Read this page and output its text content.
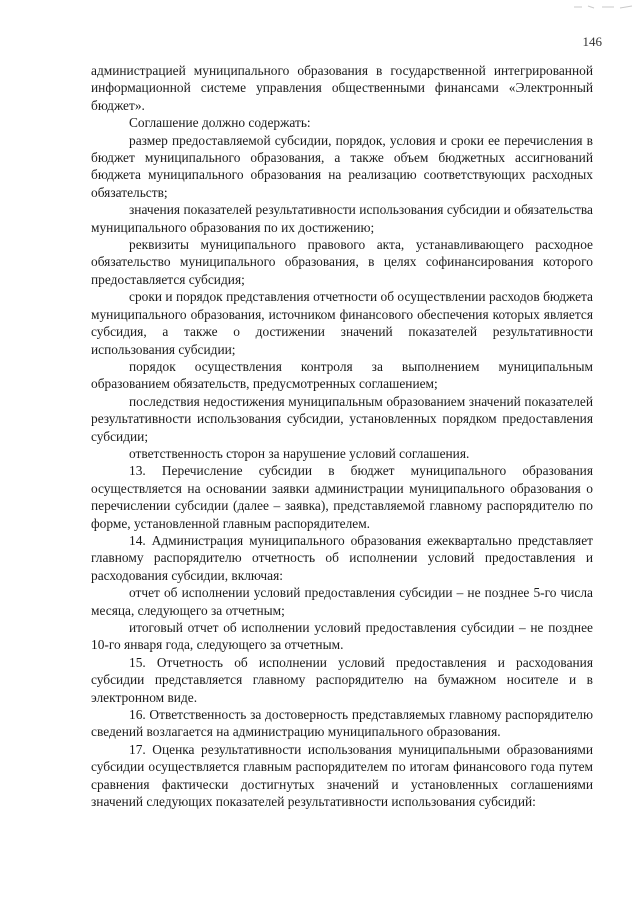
146

администрацией муниципального образования в государственной интегрированной информационной системе управления общественными финансами «Электронный бюджет».

Соглашение должно содержать:

размер предоставляемой субсидии, порядок, условия и сроки ее перечисления в бюджет муниципального образования, а также объем бюджетных ассигнований бюджета муниципального образования на реализацию соответствующих расходных обязательств;

значения показателей результативности использования субсидии и обязательства муниципального образования по их достижению;

реквизиты муниципального правового акта, устанавливающего расходное обязательство муниципального образования, в целях софинансирования которого предоставляется субсидия;

сроки и порядок представления отчетности об осуществлении расходов бюджета муниципального образования, источником финансового обеспечения которых является субсидия, а также о достижении значений показателей результативности использования субсидии;

порядок осуществления контроля за выполнением муниципальным образованием обязательств, предусмотренных соглашением;

последствия недостижения муниципальным образованием значений показателей результативности использования субсидии, установленных порядком предоставления субсидии;

ответственность сторон за нарушение условий соглашения.

13. Перечисление субсидии в бюджет муниципального образования осуществляется на основании заявки администрации муниципального образования о перечислении субсидии (далее – заявка), представляемой главному распорядителю по форме, установленной главным распорядителем.

14. Администрация муниципального образования ежеквартально представляет главному распорядителю отчетность об исполнении условий предоставления и расходования субсидии, включая:

отчет об исполнении условий предоставления субсидии – не позднее 5-го числа месяца, следующего за отчетным;

итоговый отчет об исполнении условий предоставления субсидии – не позднее 10-го января года, следующего за отчетным.

15. Отчетность об исполнении условий предоставления и расходования субсидии представляется главному распорядителю на бумажном носителе и в электронном виде.

16. Ответственность за достоверность представляемых главному распорядителю сведений возлагается на администрацию муниципального образования.

17. Оценка результативности использования муниципальными образованиями субсидии осуществляется главным распорядителем по итогам финансового года путем сравнения фактически достигнутых значений и установленных соглашениями значений следующих показателей результативности использования субсидий:
